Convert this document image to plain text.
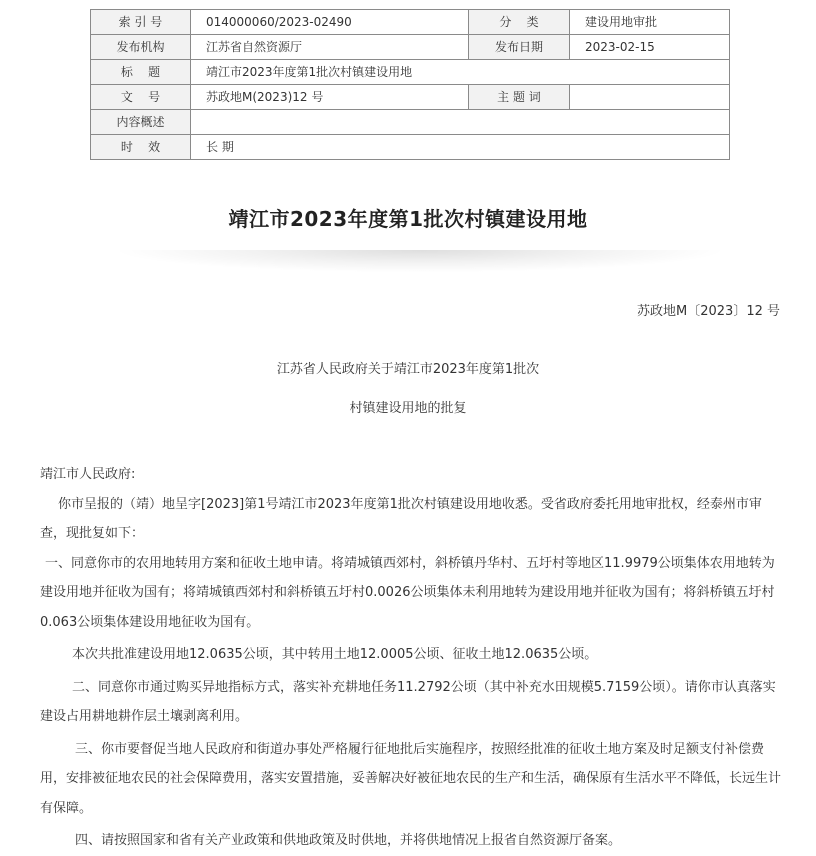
索 引 号	014000060/2023-02490	分    类	建设用地审批
发布机构	江苏省自然资源厅	发布日期	2023-02-15
标    题	靖江市2023年度第1批次村镇建设用地		
文    号	苏政地M(2023)12 号	主 题 词	
内容概述			
时    效	长 期		
靖江市2023年度第1批次村镇建设用地
苏政地M〔2023〕12 号
江苏省人民政府关于靖江市2023年度第1批次
村镇建设用地的批复

靖江市人民政府:

你市呈报的（靖）地呈字[2023]第1号靖江市2023年度第1批次村镇建设用地收悉。受省政府委托用地审批权，经泰州市审查，现批复如下：

一、同意你市的农用地转用方案和征收土地申请。将靖城镇西郊村，斜桥镇丹华村、五圩村等地区11.9979公顷集体农用地转为建设用地并征收为国有；将靖城镇西郊村和斜桥镇五圩村0.0026公顷集体未利用地转为建设用地并征收为国有；将斜桥镇五圩村0.063公顷集体建设用地征收为国有。

本次共批准建设用地12.0635公顷，其中转用土地12.0005公顷、征收土地12.0635公顷。

二、同意你市通过购买异地指标方式，落实补充耕地任务11.2792公顷（其中补充水田规模5.7159公顷）。请你市认真落实建设占用耕地耕作层土壤剥离利用。

三、你市要督促当地人民政府和街道办事处严格履行征地批后实施程序，按照经批准的征收土地方案及时足额支付补偿费用，安排被征地农民的社会保障费用，落实安置措施，妥善解决好被征地农民的生产和生活，确保原有生活水平不降低，长远生计有保障。

四、请按照国家和省有关产业政策和供地政策及时供地，并将供地情况上报省自然资源厅备案。
